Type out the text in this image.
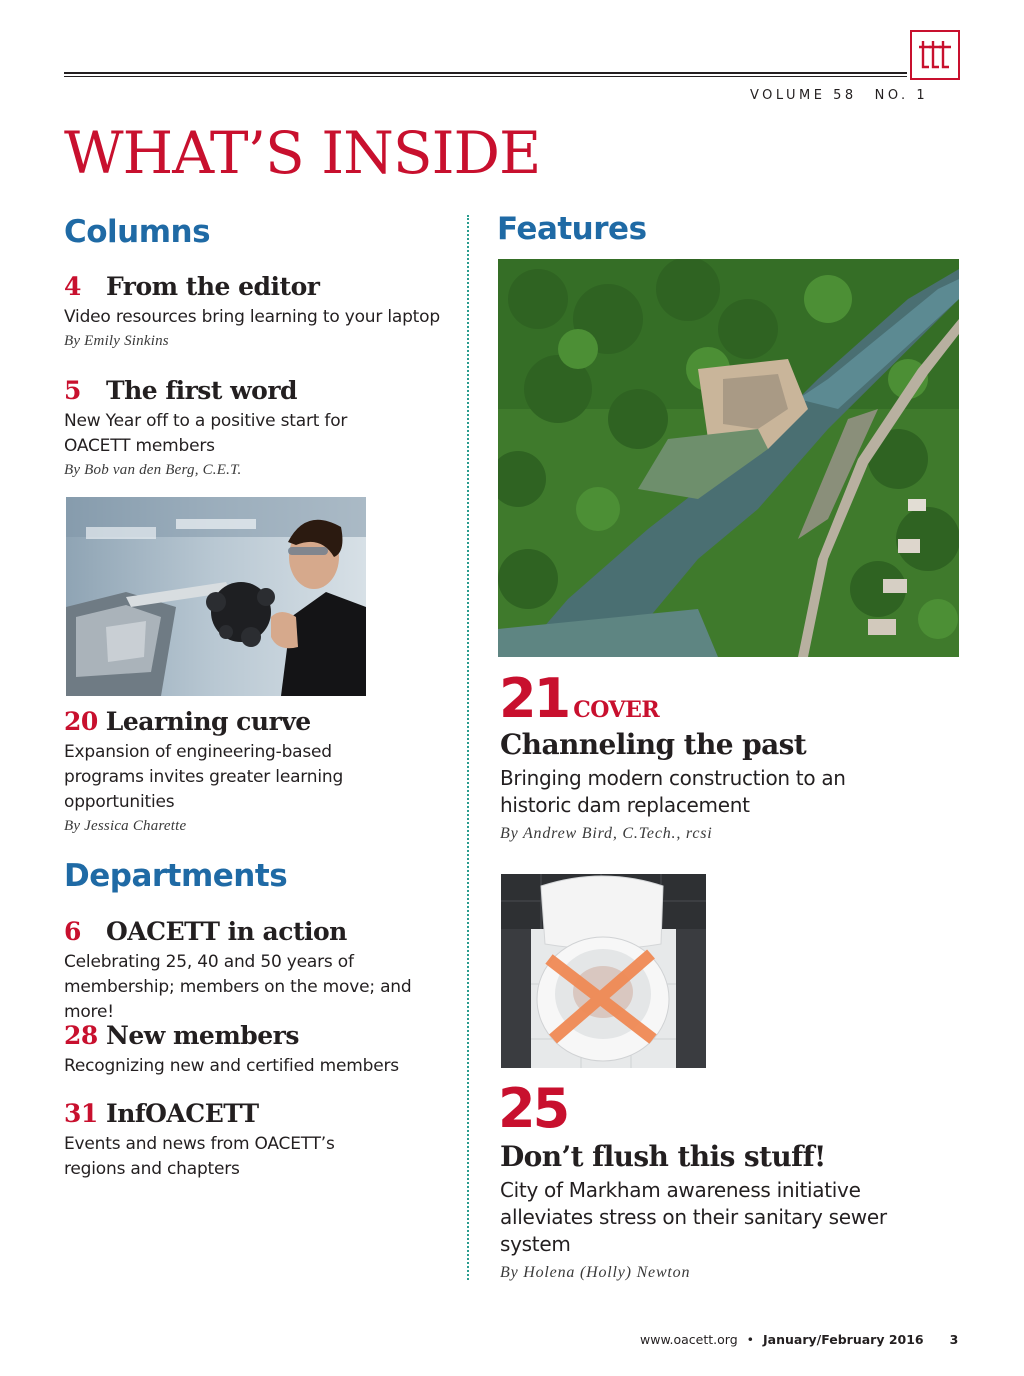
VOLUME 58 NO. 1
WHAT’S INSIDE
Columns
4 From the editor
Video resources bring learning to your laptop
By Emily Sinkins
5 The first word
New Year off to a positive start for OACETT members
By Bob van den Berg, C.E.T.
20 Learning curve
Expansion of engineering-based programs invites greater learning opportunities
By Jessica Charette
Departments
6 OACETT in action
Celebrating 25, 40 and 50 years of membership; members on the move; and more!
28 New members
Recognizing new and certified members
31 InfOACETT
Events and news from OACETT’s regions and chapters
Features
21 COVER
Channeling the past
Bringing modern construction to an historic dam replacement
By Andrew Bird, C.Tech., rcsi
25
Don’t flush this stuff!
City of Markham awareness initiative alleviates stress on their sanitary sewer system
By Holena (Holly) Newton
www.oacett.org • January/February 2016 3
